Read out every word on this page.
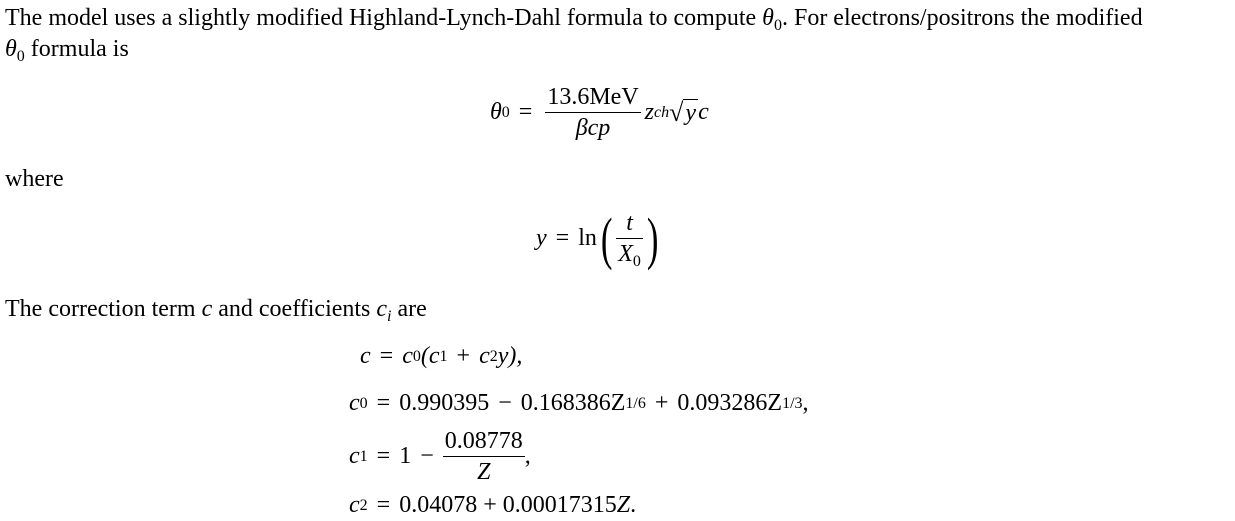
The model uses a slightly modified Highland-Lynch-Dahl formula to compute $\theta_0$. For electrons/positrons the modified

$\theta_0$ formula is

θ $0 = \frac{\text{13.6MeV}}{\text{βcp}}$ z ch √ y c

where

y = ln ( $\frac{t}{X_0}$ )

The correction term c and coefficients $c_i$ are

c = c 0 (c 1 + c 2 y),
c 0 = 0.990395 − 0.168386Z 1/6 + 0.093286Z 1/3 ,
c $1 = 1 - \frac{0.08778}{Z}$ ,
c 2 = 0.04078 + 0.00017315 Z .
